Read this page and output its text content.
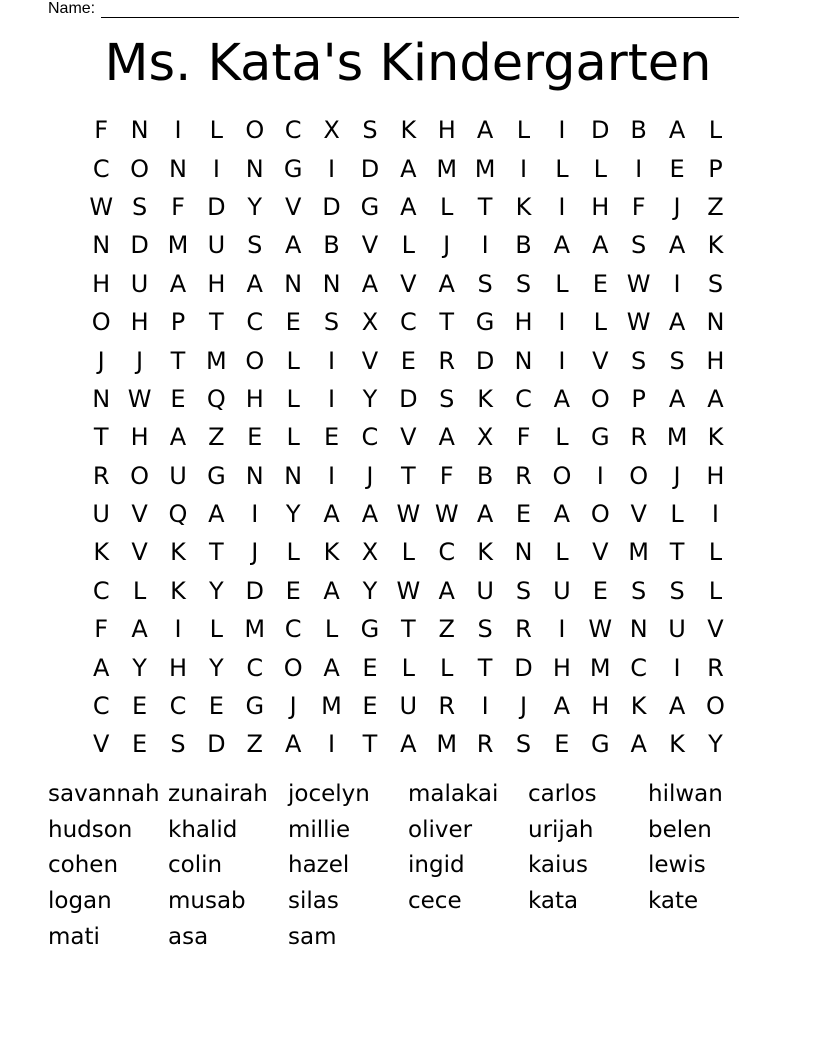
Name:
Ms. Kata's Kindergarten
F N	I	L O C X S K H A L	I	D B A L
C O N	I	N G	I	D A M M	I	L	L	I	E P
W S F D Y V D G A L	T K	I	H F	J	Z
N D M U S A B V L	J	I	B A A S A K
H U A H A N N A V A S S	L	E W I	S
O H P T C E S X C T G H	I	L W A N
J	J	T M O L	I	V E R D N	I	V S S H
N W E Q H L	I	Y D S K C A O P A A
T H A Z E	L	E C V A X F	L G R M K
R O U G N N	I	J	T	F B R O	I	O	J	H
U V Q A	I	Y A A W W A E A O V L	I
K V K T	J	L K X L C K N L V M T	L
C L K Y D E A Y W A U S U E S S	L
F A	I	L M C L G T Z S R	I W N U V
A Y H Y C O A E	L	L	T D H M C	I	R
C E C E G	J	M E U R	I	J	A H K A O
V E S D Z A	I	T A M R S E G A K Y
savannah zunairah jocelyn	malakai	carlos	hilwan
hudson	khalid	millie	oliver	urijah	belen
cohen	colin	hazel	ingid	kaius	lewis
logan	musab	silas	cece	kata	kate
mati	asa	sam
